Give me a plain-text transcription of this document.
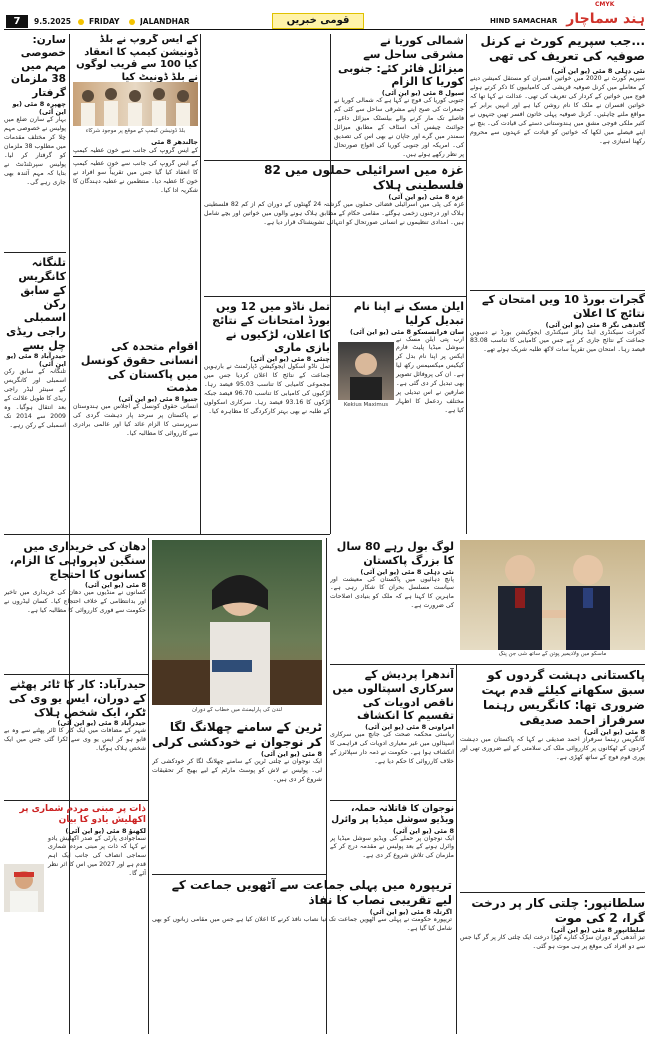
7	9.5.2025	FRIDAY	JALANDHAR	قومی خبریں
CMYK
HIND SAMACHAR ہند سماچار
سارن: خصوصی مہم میں 38 ملزمان گرفتار
چھپرہ 8 مئی (یو این آئی)
بہار کے سارن ضلع میں پولیس نے خصوصی مہم چلا کر مختلف مقدمات میں مطلوب 38 ملزمان کو گرفتار کر لیا۔ پولیس سپرنٹنڈنٹ نے بتایا کہ مہم آئندہ بھی جاری رہے گی۔
تلنگانہ کانگریس کے سابق رکن اسمبلی راجی ریڈی چل بسے
حیدرآباد 8 مئی (یو این آئی)
تلنگانہ کے سابق رکن اسمبلی اور کانگریس کے سینئر لیڈر راجی ریڈی کا طویل علالت کے بعد انتقال ہوگیا۔ وہ 2009 سے 2014 تک اسمبلی کے رکن رہے۔
...جب سپریم کورٹ نے کرنل صوفیہ کی تعریف کی تھی
نئی دہلی 8 مئی (یو این آئی)
سپریم کورٹ نے 2020 میں خواتین افسران کو مستقل کمیشن دینے کے معاملے میں کرنل صوفیہ قریشی کی کامیابیوں کا ذکر کرتے ہوئے فوج میں خواتین کے کردار کی تعریف کی تھی۔ عدالت نے کہا تھا کہ خواتین افسران نے ملک کا نام روشن کیا ہے اور انہیں برابر کے مواقع ملنے چاہئیں۔ کرنل صوفیہ پہلی خاتون افسر تھیں جنہوں نے کثیر ملکی فوجی مشق میں ہندوستانی دستے کی قیادت کی۔ بنچ نے اپنے فیصلے میں لکھا کہ خواتین کو قیادت کے عہدوں سے محروم رکھنا امتیازی ہے۔
گجرات بورڈ 10 ویں امتحان کے نتائج کا اعلان
گاندھی نگر 8 مئی (یو این آئی)
گجرات سیکنڈری اینڈ ہائر سیکنڈری ایجوکیشن بورڈ نے دسویں جماعت کے نتائج جاری کر دیے جس میں کامیابی کا تناسب 83.08 فیصد رہا۔ امتحان میں تقریباً سات لاکھ طلبہ شریک ہوئے تھے۔
شمالی کوریا نے مشرقی ساحل سے میزائل فائر کئے: جنوبی کوریا کا الزام
سیول 8 مئی (یو این آئی)
جنوبی کوریا کی فوج نے کہا ہے کہ شمالی کوریا نے جمعرات کی صبح اپنے مشرقی ساحل سے کئی کم فاصلے تک مار کرنے والے بیلسٹک میزائل داغے۔ جوائنٹ چیفس آف اسٹاف کے مطابق میزائل سمندر میں گرے اور جاپان نے بھی اس کی تصدیق کی۔ امریکہ اور جنوبی کوریا کی افواج صورتحال پر نظر رکھے ہوئے ہیں۔
غزہ میں اسرائیلی حملوں میں 82 فلسطینی ہلاک
غزہ 8 مئی (یو این آئی)
غزہ کی پٹی میں اسرائیلی فضائی حملوں میں گزشتہ 24 گھنٹوں کے دوران کم از کم 82 فلسطینی ہلاک اور درجنوں زخمی ہوگئے۔ مقامی حکام کے مطابق ہلاک ہونے والوں میں خواتین اور بچے شامل ہیں۔ امدادی تنظیموں نے انسانی صورتحال کو انتہائی تشویشناک قرار دیا ہے۔
تمل ناڈو میں 12 ویں بورڈ امتحانات کے نتائج کا اعلان، لڑکیوں نے بازی ماری
چنئی 8 مئی (یو این آئی)
تمل ناڈو اسکول ایجوکیشن ڈپارٹمنٹ نے بارہویں جماعت کے نتائج کا اعلان کردیا جس میں مجموعی کامیابی کا تناسب 95.03 فیصد رہا۔ لڑکیوں کی کامیابی کا تناسب 96.70 فیصد جبکہ لڑکوں کا 93.16 فیصد رہا۔ سرکاری اسکولوں کے طلبہ نے بھی بہتر کارکردگی کا مظاہرہ کیا۔
ایلن مسک نے اپنا نام تبدیل کرلیا
سان فرانسسکو 8 مئی (یو این آئی)
Kekius Maximus
ارب پتی ایلن مسک نے سوشل میڈیا پلیٹ فارم ایکس پر اپنا نام بدل کر کیکیس میکسیمس رکھ لیا ہے۔ ان کی پروفائل تصویر بھی تبدیل کر دی گئی ہے۔ صارفین نے اس تبدیلی پر مختلف ردعمل کا اظہار کیا ہے۔
کے ایس گروپ نے بلڈ ڈونیشن کیمپ کا انعقاد کیا 100 سے قریب لوگوں نے بلڈ ڈونیٹ کیا
بلڈ ڈونیشن کیمپ کے موقع پر موجود شرکاء
جالندھر 8 مئی
کے ایس گروپ کی جانب سے خون عطیہ کیمپ
اقوام متحدہ کی انسانی حقوق کونسل میں پاکستان کی مذمت
جنیوا 8 مئی (یو این آئی)
انسانی حقوق کونسل کے اجلاس میں ہندوستان نے پاکستان پر سرحد پار دہشت گردی کی سرپرستی کا الزام عائد کیا اور عالمی برادری سے کارروائی کا مطالبہ کیا۔
کے ایس گروپ کی جانب سے خون عطیہ کیمپ کا انعقاد کیا گیا جس میں تقریباً سو افراد نے خون کا عطیہ دیا۔ منتظمین نے عطیہ دہندگان کا شکریہ ادا کیا۔
دھان کی خریداری میں سنگین لاپرواہی کا الزام، کسانوں کا احتجاج
8 مئی (یو این آئی)
کسانوں نے منڈیوں میں دھان کی خریداری میں تاخیر اور بدانتظامی کے خلاف احتجاج کیا۔ کسان لیڈروں نے حکومت سے فوری کارروائی کا مطالبہ کیا ہے۔
حیدرآباد: کار کا ٹائر پھٹنے کے دوران، ایس یو وی کی ٹکر، ایک شخص ہلاک
حیدرآباد 8 مئی (یو این آئی)
شہر کے مضافات میں ایک کار کا ٹائر پھٹنے سے وہ بے قابو ہو کر ایس یو وی سے ٹکرا گئی جس میں ایک شخص ہلاک ہوگیا۔
ذات پر مبنی مردم شماری پر اکھلیش یادو کا بیان
لکھنؤ 8 مئی (یو این آئی)
سماجوادی پارٹی کے صدر اکھلیش یادو نے کہا کہ ذات پر مبنی مردم شماری سماجی انصاف کی جانب ایک اہم قدم ہے اور 2027 میں اس کا اثر نظر آئے گا۔
لندن کی پارلیمنٹ میں خطاب کے دوران
ٹرین کے سامنے چھلانگ لگا کر نوجوان نے خودکشی کرلی
8 مئی (یو این آئی)
ایک نوجوان نے چلتی ٹرین کے سامنے چھلانگ لگا کر خودکشی کر لی۔ پولیس نے لاش کو پوسٹ مارٹم کے لیے بھیج کر تحقیقات شروع کر دی ہیں۔
تریپورہ میں پہلی جماعت سے آٹھویں جماعت کے لیے تقریبی نصاب کا نفاذ
اگرتلہ 8 مئی (یو این آئی)
تریپورہ حکومت نے پہلی سے آٹھویں جماعت تک نیا نصاب نافذ کرنے کا اعلان کیا ہے جس میں مقامی زبانوں کو بھی شامل کیا گیا ہے۔
لوگ بول رہے 80 سال کا بزرگ پاکستان
نئی دہلی 8 مئی (یو این آئی)
پانچ دہائیوں میں پاکستان کی معیشت اور سیاست مسلسل بحران کا شکار رہی ہے۔ ماہرین کا کہنا ہے کہ ملک کو بنیادی اصلاحات کی ضرورت ہے۔
آندھرا پردیش کے سرکاری اسپتالوں میں ناقص ادویات کی تقسیم کا انکشاف
امراوتی 8 مئی (یو این آئی)
ریاستی محکمہ صحت کی جانچ میں سرکاری اسپتالوں میں غیر معیاری ادویات کی فراہمی کا انکشاف ہوا ہے۔ حکومت نے ذمہ دار سپلائرز کے خلاف کارروائی کا حکم دیا ہے۔
نوجوان کا قاتلانہ حملہ، ویڈیو سوشل میڈیا پر وائرل
8 مئی (یو این آئی)
ایک نوجوان پر حملے کی ویڈیو سوشل میڈیا پر وائرل ہونے کے بعد پولیس نے مقدمہ درج کر کے ملزمان کی تلاش شروع کر دی ہے۔
ماسکو میں ولادیمیر پوتن کے ساتھ شی جن پنگ
پاکستانی دہشت گردوں کو سبق سکھانے کیلئے قدم بہت ضروری تھا: کانگریس رہنما سرفراز احمد صدیقی
8 مئی (یو این آئی)
کانگریس رہنما سرفراز احمد صدیقی نے کہا کہ پاکستان میں دہشت گردوں کے ٹھکانوں پر کارروائی ملک کی سلامتی کے لیے ضروری تھی اور پوری قوم فوج کے ساتھ کھڑی ہے۔
سلطانپور: چلتی کار پر درخت گرا، 2 کی موت
سلطانپور 8 مئی (یو این آئی)
تیز آندھی کے دوران سڑک کنارے کھڑا درخت ایک چلتی کار پر گر گیا جس سے دو افراد کی موقع پر ہی موت ہو گئی۔
